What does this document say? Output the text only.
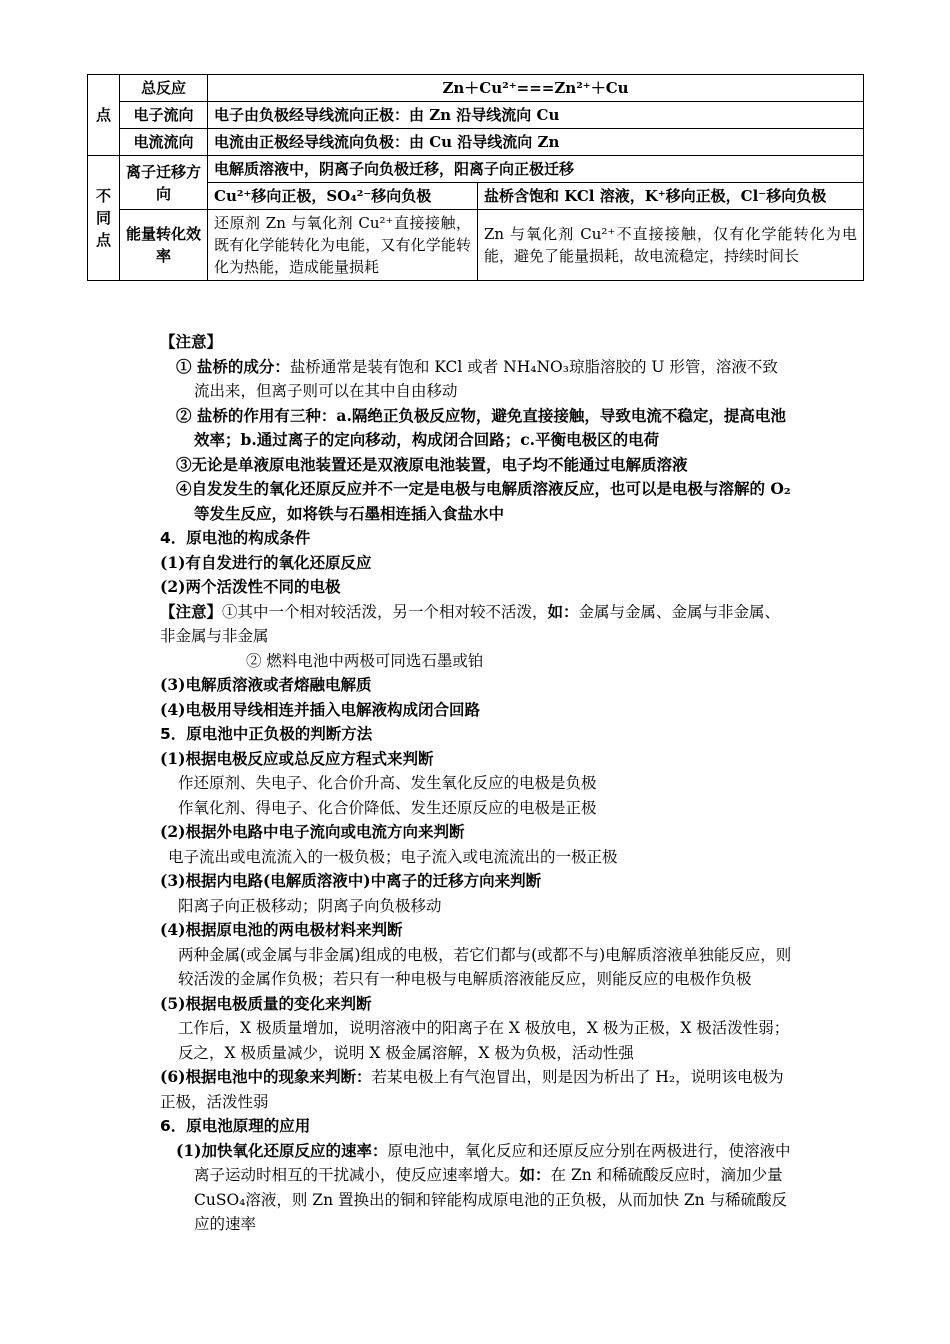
点	总反应	Zn＋Cu²⁺===Zn²⁺＋Cu	
	电子流向	电子由负极经导线流向正极：由 Zn 沿导线流向 Cu	
	电流流向	电流由正极经导线流向负极：由 Cu 沿导线流向 Zn	
不同点	离子迁移方向	电解质溶液中，阴离子向负极迁移，阳离子向正极迁移	
		Cu²⁺移向正极，SO₄²⁻移向负极	盐桥含饱和 KCl 溶液，K⁺移向正极，Cl⁻移向负极
	能量转化效率	还原剂 Zn 与氧化剂 Cu²⁺直接接触，既有化学能转化为电能，又有化学能转化为热能，造成能量损耗	Zn 与氧化剂 Cu²⁺不直接接触，仅有化学能转化为电能，避免了能量损耗，故电流稳定，持续时间长

【注意】

① 盐桥的成分：盐桥通常是装有饱和 KCl 或者 NH₄NO₃琼脂溶胶的 U 形管，溶液不致流出来，但离子则可以在其中自由移动

② 盐桥的作用有三种：a.隔绝正负极反应物，避免直接接触，导致电流不稳定，提高电池效率；b.通过离子的定向移动，构成闭合回路；c.平衡电极区的电荷

③无论是单液原电池装置还是双液原电池装置，电子均不能通过电解质溶液

④自发发生的氧化还原反应并不一定是电极与电解质溶液反应，也可以是电极与溶解的 O₂等发生反应，如将铁与石墨相连插入食盐水中

4．原电池的构成条件

(1)有自发进行的氧化还原反应

(2)两个活泼性不同的电极

【注意】①其中一个相对较活泼，另一个相对较不活泼，如：金属与金属、金属与非金属、非金属与非金属

② 燃料电池中两极可同选石墨或铂

(3)电解质溶液或者熔融电解质

(4)电极用导线相连并插入电解液构成闭合回路

5．原电池中正负极的判断方法

(1)根据电极反应或总反应方程式来判断

作还原剂、失电子、化合价升高、发生氧化反应的电极是负极

作氧化剂、得电子、化合价降低、发生还原反应的电极是正极

(2)根据外电路中电子流向或电流方向来判断

电子流出或电流流入的一极负极；电子流入或电流流出的一极正极

(3)根据内电路(电解质溶液中)中离子的迁移方向来判断

阳离子向正极移动；阴离子向负极移动

(4)根据原电池的两电极材料来判断

两种金属(或金属与非金属)组成的电极，若它们都与(或都不与)电解质溶液单独能反应，则较活泼的金属作负极；若只有一种电极与电解质溶液能反应，则能反应的电极作负极

(5)根据电极质量的变化来判断

工作后，X 极质量增加，说明溶液中的阳离子在 X 极放电，X 极为正极，X 极活泼性弱；反之，X 极质量减少，说明 X 极金属溶解，X 极为负极，活动性强

(6)根据电池中的现象来判断：若某电极上有气泡冒出，则是因为析出了 H₂，说明该电极为正极，活泼性弱

6．原电池原理的应用

(1)加快氧化还原反应的速率：原电池中，氧化反应和还原反应分别在两极进行，使溶液中离子运动时相互的干扰减小，使反应速率增大。如：在 Zn 和稀硫酸反应时，滴加少量 CuSO₄溶液，则 Zn 置换出的铜和锌能构成原电池的正负极，从而加快 Zn 与稀硫酸反应的速率
